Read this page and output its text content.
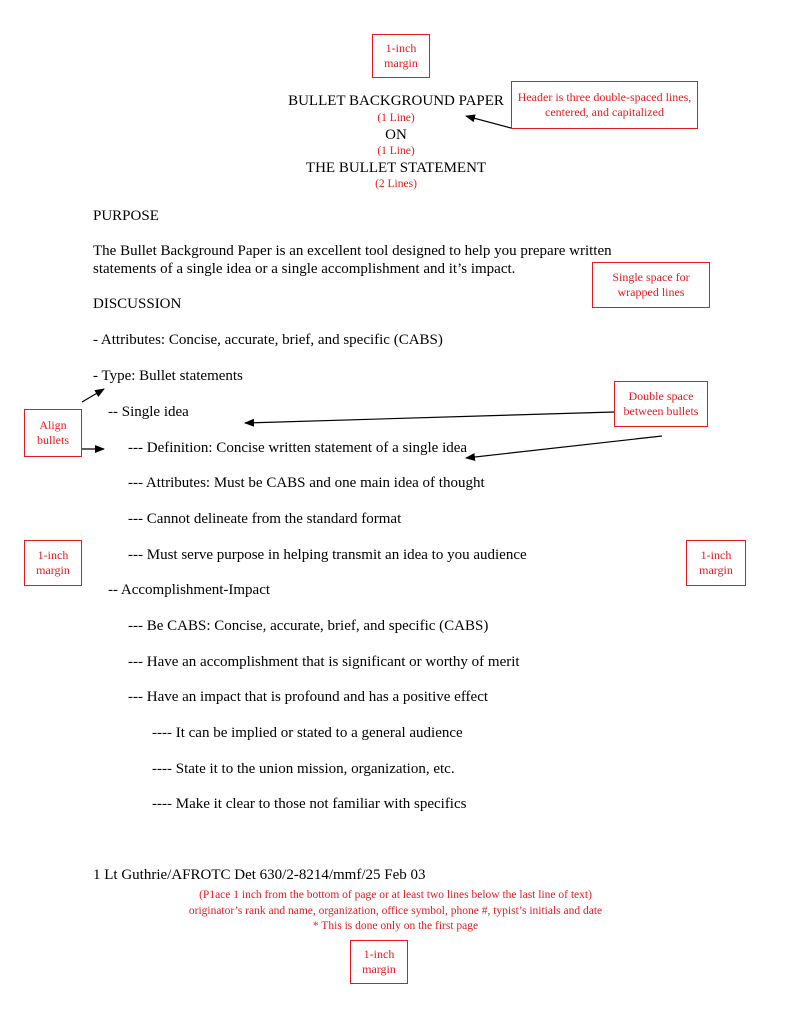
1-inch margin
BULLET BACKGROUND PAPER
(1 Line)
ON
(1 Line)
THE BULLET STATEMENT
(2 Lines)
Header is three double-spaced lines, centered, and capitalized
PURPOSE
The Bullet Background Paper is an excellent tool designed to help you prepare written
statements of a single idea or a single accomplishment and it’s impact.	Single space for wrapped lines
DISCUSSION
- Attributes: Concise, accurate, brief, and specific (CABS)
- Type: Bullet statements
-- Single idea
--- Definition: Concise written statement of a single idea
--- Attributes: Must be CABS and one main idea of thought
--- Cannot delineate from the standard format
--- Must serve purpose in helping transmit an idea to you audience
-- Accomplishment-Impact
--- Be CABS: Concise, accurate, brief, and specific (CABS)
--- Have an accomplishment that is significant or worthy of merit
--- Have an impact that is profound and has a positive effect
---- It can be implied or stated to a general audience
---- State it to the union mission, organization, etc.
---- Make it clear to those not familiar with specifics
Double space between bullets
Align bullets
1-inch margin
1-inch margin
1 Lt Guthrie/AFROTC Det 630/2-8214/mmf/25 Feb 03
(P1ace 1 inch from the bottom of page or at least two lines below the last line of text)
originator’s rank and name, organization, office symbol, phone #, typist’s initials and date
* This is done only on the first page
1-inch margin
